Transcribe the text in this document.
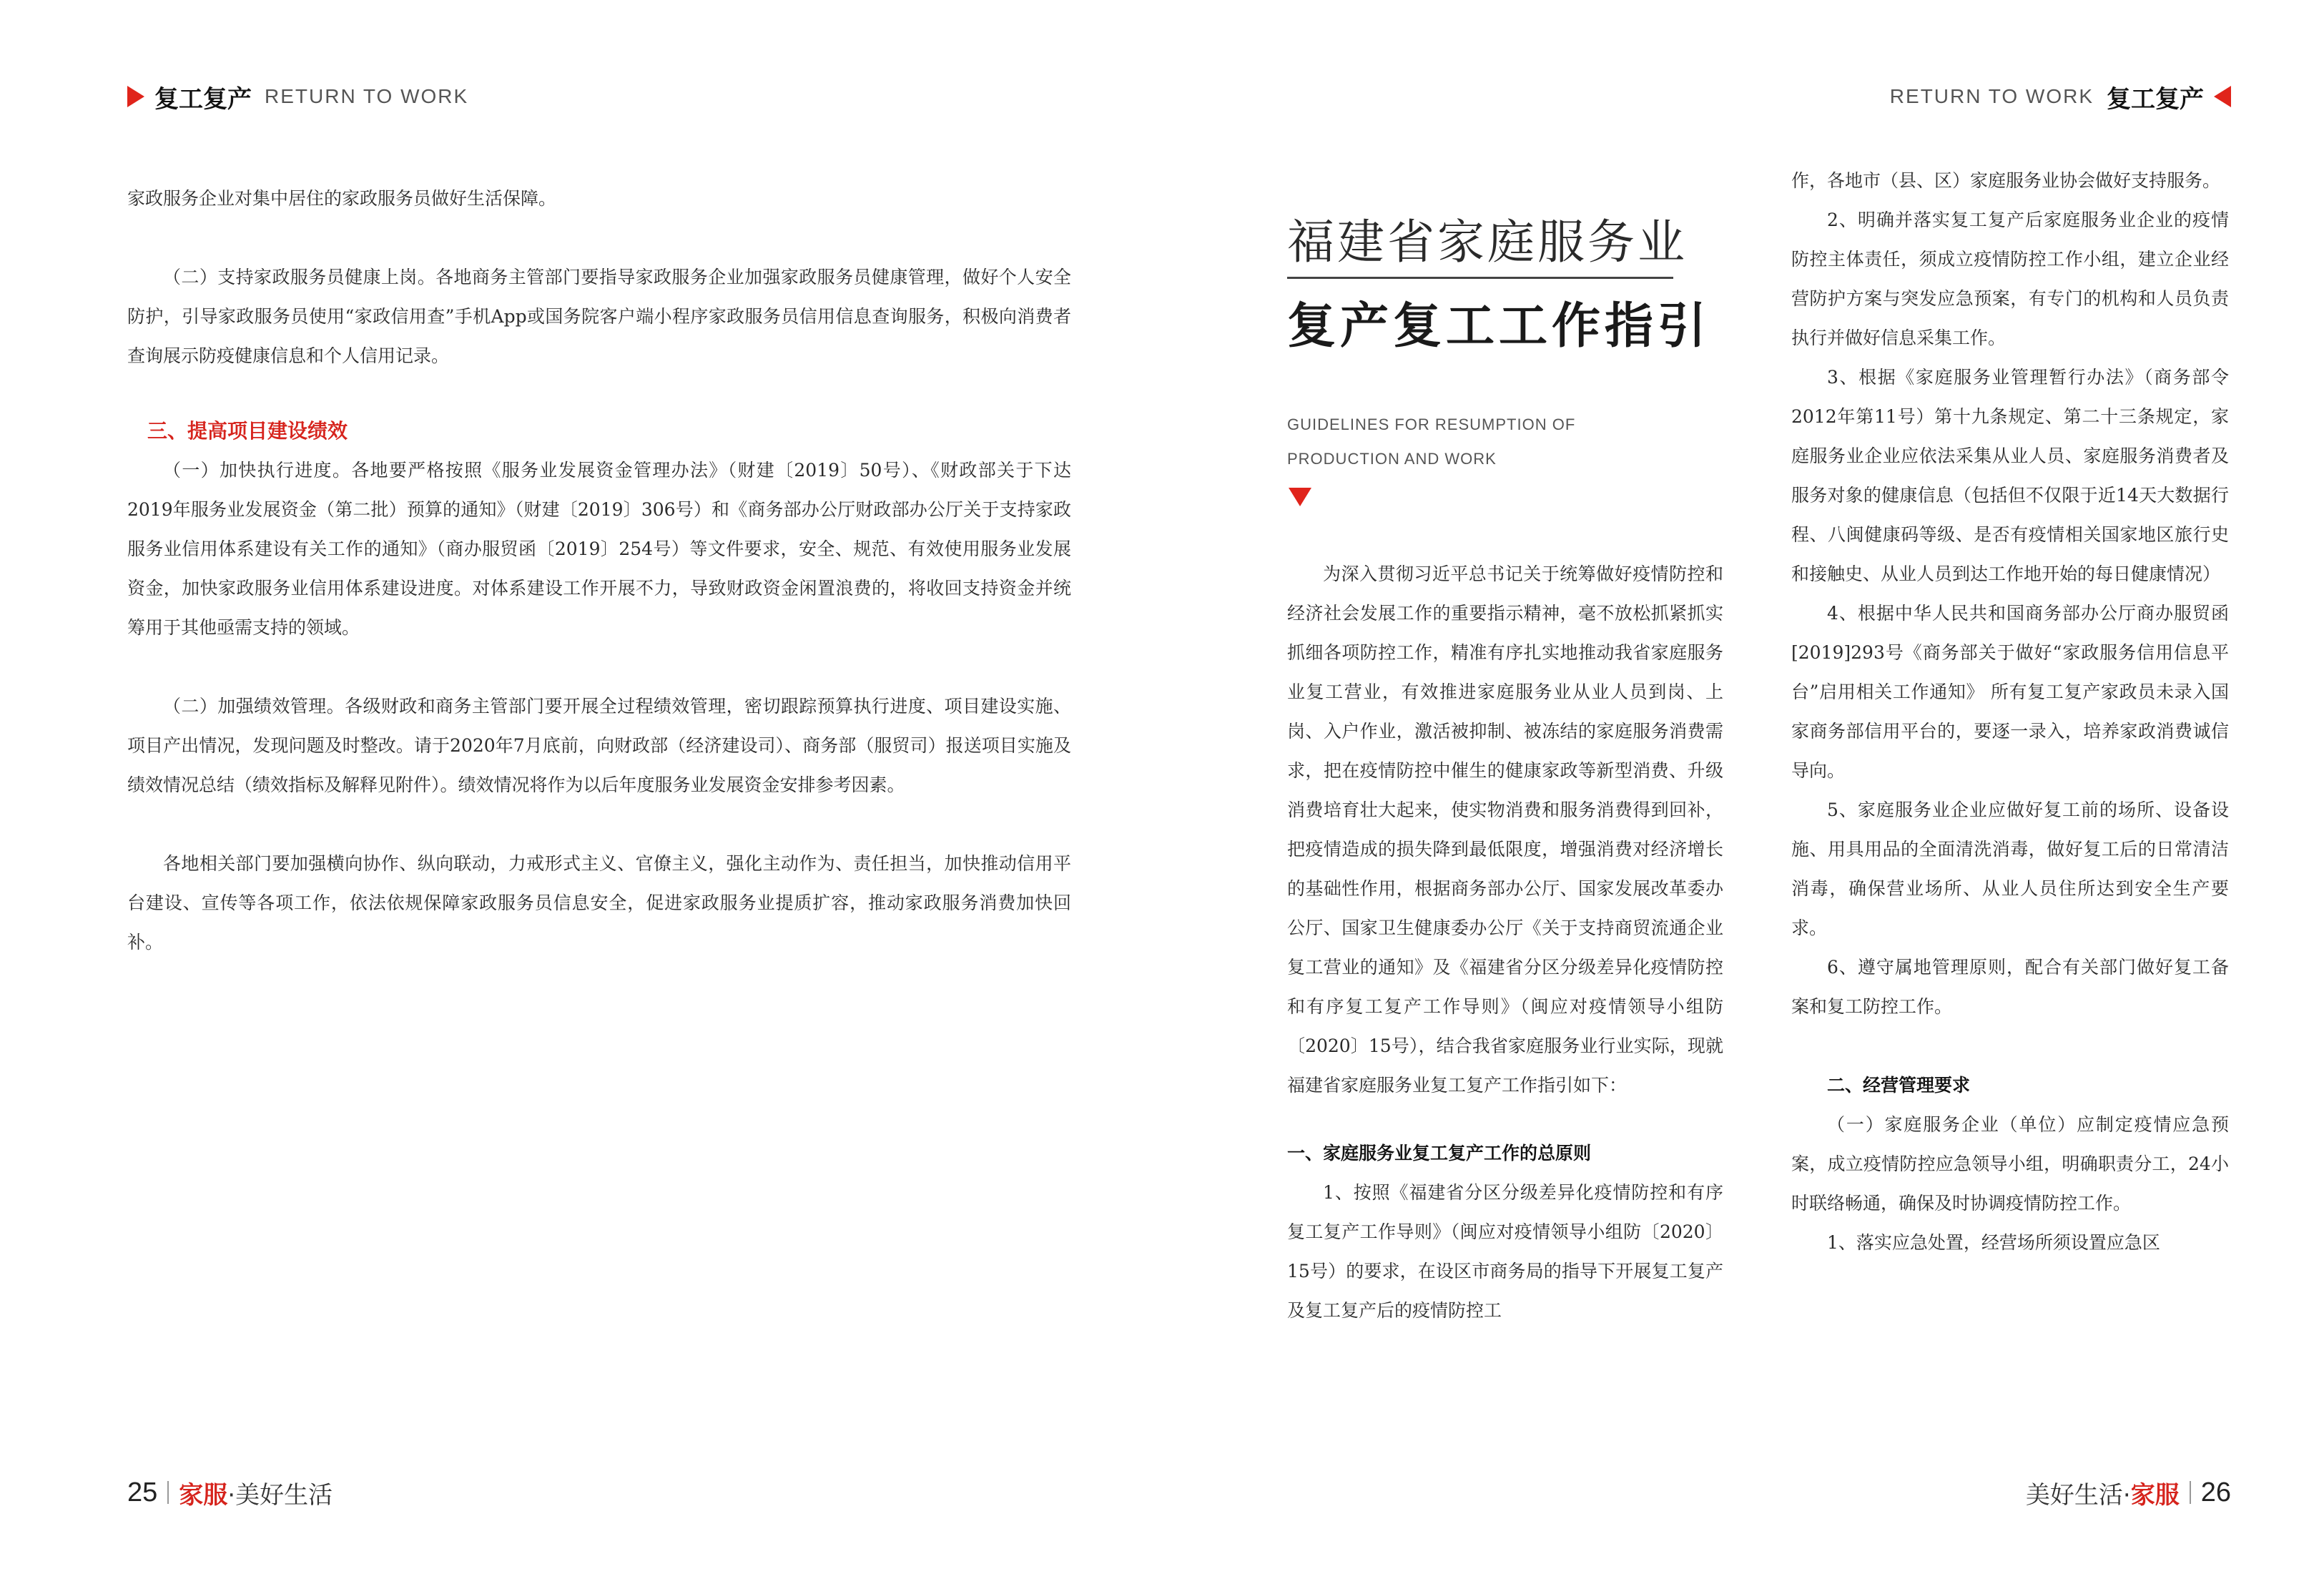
复工复产 RETURN TO WORK

家政服务企业对集中居住的家政服务员做好生活保障。

（二）支持家政服务员健康上岗。各地商务主管部门要指导家政服务企业加强家政服务员健康管理，做好个人安全防护，引导家政服务员使用“家政信用查”手机App或国务院客户端小程序家政服务员信用信息查询服务，积极向消费者查询展示防疫健康信息和个人信用记录。

三、提高项目建设绩效

（一）加快执行进度。各地要严格按照《服务业发展资金管理办法》（财建〔2019〕50号）、《财政部关于下达2019年服务业发展资金（第二批）预算的通知》（财建〔2019〕306号）和《商务部办公厅财政部办公厅关于支持家政服务业信用体系建设有关工作的通知》（商办服贸函〔2019〕254号）等文件要求，安全、规范、有效使用服务业发展资金，加快家政服务业信用体系建设进度。对体系建设工作开展不力，导致财政资金闲置浪费的，将收回支持资金并统筹用于其他亟需支持的领域。

（二）加强绩效管理。各级财政和商务主管部门要开展全过程绩效管理，密切跟踪预算执行进度、项目建设实施、项目产出情况，发现问题及时整改。请于2020年7月底前，向财政部（经济建设司）、商务部（服贸司）报送项目实施及绩效情况总结（绩效指标及解释见附件）。绩效情况将作为以后年度服务业发展资金安排参考因素。

各地相关部门要加强横向协作、纵向联动，力戒形式主义、官僚主义，强化主动作为、责任担当，加快推动信用平台建设、宣传等各项工作，依法依规保障家政服务员信息安全，促进家政服务业提质扩容，推动家政服务消费加快回补。

25 家服 ·美好生活
RETURN TO WORK 复工复产
福建省家庭服务业
复产复工工作指引
GUIDELINES FOR RESUMPTION OF PRODUCTION AND WORK

为深入贯彻习近平总书记关于统筹做好疫情防控和经济社会发展工作的重要指示精神，毫不放松抓紧抓实抓细各项防控工作，精准有序扎实地推动我省家庭服务业复工营业，有效推进家庭服务业从业人员到岗、上岗、入户作业，激活被抑制、被冻结的家庭服务消费需求，把在疫情防控中催生的健康家政等新型消费、升级消费培育壮大起来，使实物消费和服务消费得到回补，把疫情造成的损失降到最低限度，增强消费对经济增长的基础性作用，根据商务部办公厅、国家发展改革委办公厅、国家卫生健康委办公厅《关于支持商贸流通企业复工营业的通知》及《福建省分区分级差异化疫情防控和有序复工复产工作导则》（闽应对疫情领导小组防〔2020〕15号），结合我省家庭服务业行业实际，现就福建省家庭服务业复工复产工作指引如下：

一、家庭服务业复工复产工作的总原则

1、按照《福建省分区分级差异化疫情防控和有序复工复产工作导则》（闽应对疫情领导小组防〔2020〕15号）的要求，在设区市商务局的指导下开展复工复产及复工复产后的疫情防控工

作，各地市（县、区）家庭服务业协会做好支持服务。

2、明确并落实复工复产后家庭服务业企业的疫情防控主体责任，须成立疫情防控工作小组，建立企业经营防护方案与突发应急预案，有专门的机构和人员负责执行并做好信息采集工作。

3、根据《家庭服务业管理暂行办法》（商务部令2012年第11号）第十九条规定、第二十三条规定，家庭服务业企业应依法采集从业人员、家庭服务消费者及服务对象的健康信息（包括但不仅限于近14天大数据行程、八闽健康码等级、是否有疫情相关国家地区旅行史和接触史、从业人员到达工作地开始的每日健康情况）

4、根据中华人民共和国商务部办公厅商办服贸函[2019]293号《商务部关于做好“家政服务信用信息平台”启用相关工作通知》 所有复工复产家政员未录入国家商务部信用平台的，要逐一录入，培养家政消费诚信导向。

5、家庭服务业企业应做好复工前的场所、设备设施、用具用品的全面清洗消毒，做好复工后的日常清洁消毒，确保营业场所、从业人员住所达到安全生产要求。

6、遵守属地管理原则，配合有关部门做好复工备案和复工防控工作。

二、经营管理要求

（一）家庭服务企业（单位）应制定疫情应急预案，成立疫情防控应急领导小组，明确职责分工，24小时联络畅通，确保及时协调疫情防控工作。

1、落实应急处置，经营场所须设置应急区

美好生活· 家服 26
